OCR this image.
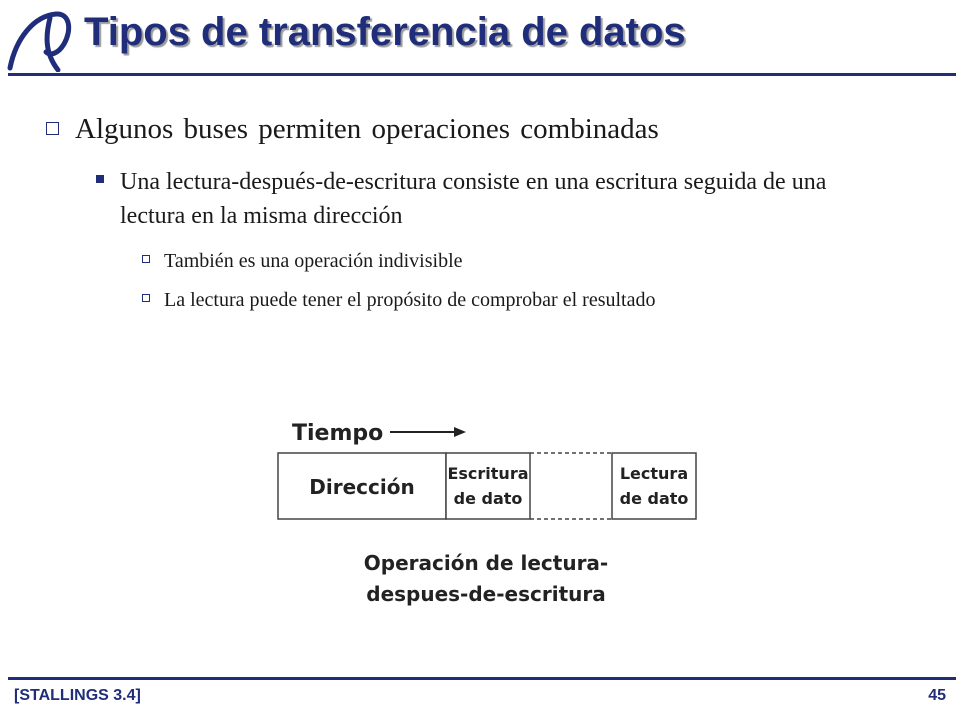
Tipos de transferencia de datos
Algunos buses permiten operaciones combinadas
Una lectura-después-de-escritura consiste en una escritura seguida de una lectura en la misma dirección
También es una operación indivisible
La lectura puede tener el propósito de comprobar el resultado
Tiempo
Dirección
Escritura
de dato
Lectura
de dato
Operación de lectura-
despues-de-escritura
[STALLINGS 3.4]	45
